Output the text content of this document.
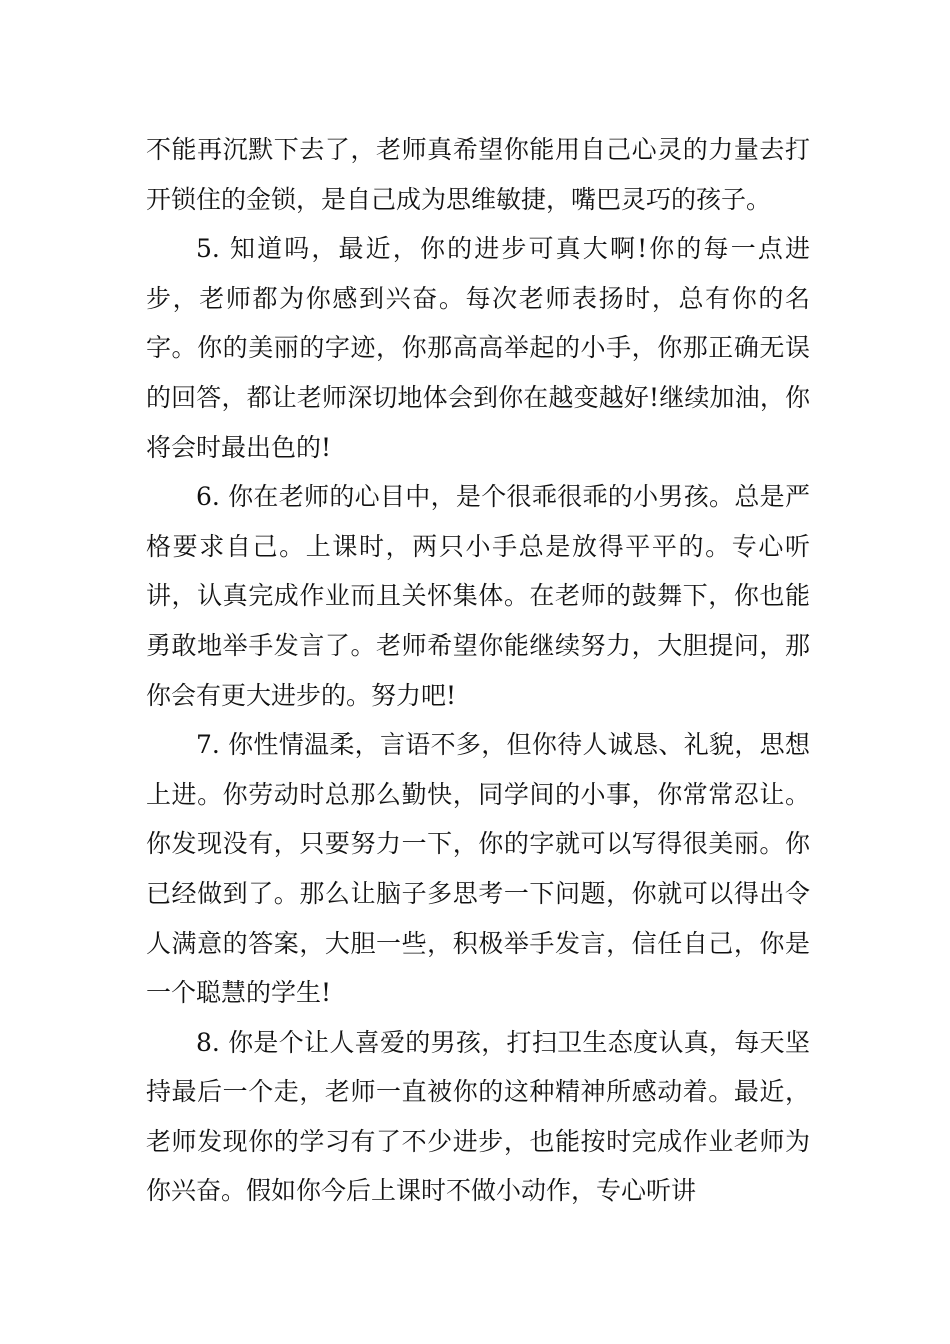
不能再沉默下去了，老师真希望你能用自己心灵的力量去打开锁住的金锁，是自己成为思维敏捷，嘴巴灵巧的孩子。

5. 知道吗，最近，你的进步可真大啊!你的每一点进步，老师都为你感到兴奋。每次老师表扬时，总有你的名字。你的美丽的字迹，你那高高举起的小手，你那正确无误的回答，都让老师深切地体会到你在越变越好!继续加油，你将会时最出色的!

6. 你在老师的心目中，是个很乖很乖的小男孩。总是严格要求自己。上课时，两只小手总是放得平平的。专心听讲，认真完成作业而且关怀集体。在老师的鼓舞下，你也能勇敢地举手发言了。老师希望你能继续努力，大胆提问，那你会有更大进步的。努力吧!

7. 你性情温柔，言语不多，但你待人诚恳、礼貌，思想上进。你劳动时总那么勤快，同学间的小事，你常常忍让。你发现没有，只要努力一下，你的字就可以写得很美丽。你已经做到了。那么让脑子多思考一下问题，你就可以得出令人满意的答案，大胆一些，积极举手发言，信任自己，你是一个聪慧的学生!

8. 你是个让人喜爱的男孩，打扫卫生态度认真，每天坚持最后一个走，老师一直被你的这种精神所感动着。最近，老师发现你的学习有了不少进步，也能按时完成作业老师为你兴奋。假如你今后上课时不做小动作，专心听讲
